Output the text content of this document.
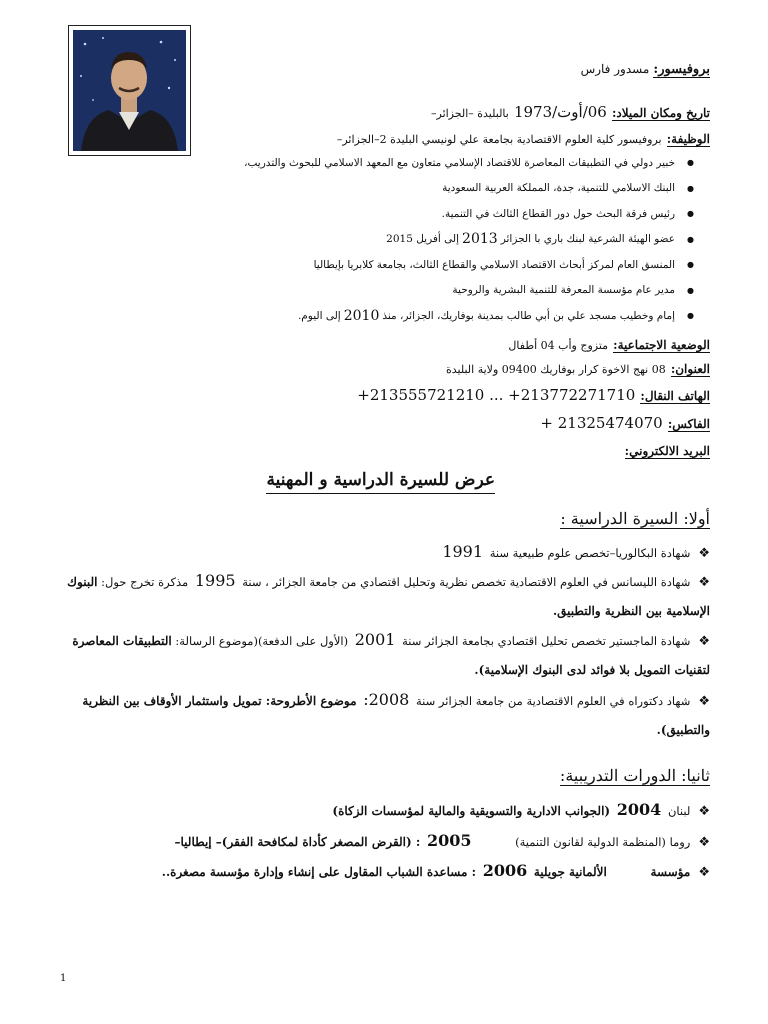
بروفيسور: مسدور فارس
تاريخ ومكان الميلاد: 06/أوت/1973 بالبليدة –الجزائر–
الوظيفة: بروفيسور كلية العلوم الاقتصادية بجامعة علي لونيسي البليدة 2–الجزائر–
● خبير دولي في التطبيقات المعاصرة للاقتصاد الإسلامي متعاون مع المعهد الاسلامي للبحوث والتدريب،
● البنك الاسلامي للتنمية، جدة، المملكة العربية السعودية
● رئيس فرقة البحث حول دور القطاع الثالث في التنمية.
● عضو الهيئة الشرعية لبنك باري با الجزائر
2013
إلى أفريل 2015
● المنسق العام لمركز أبحاث الاقتصاد الاسلامي والقطاع الثالث، بجامعة كلابريا بإيطاليا
● مدير عام مؤسسة المعرفة للتنمية البشرية والروحية
● إمام وخطيب مسجد علي بن أبي طالب بمدينة بوفاريك، الجزائر، منذ
2010
إلى اليوم.
الوضعية الاجتماعية: متزوج وأب 04 أطفال
العنوان: 08 نهج الاخوة كرار بوفاريك 09400 ولاية البليدة
الهاتف النقال: 213772271710+ ... 213555721210+
الفاكس: 21325474070 +
البريد الالكتروني:
عرض للسيرة الدراسية و المهنية
أولا: السيرة الدراسية :
❖شهادة البكالوريا–تخصص علوم طبيعية سنة 1991
❖شهادة الليسانس في العلوم الاقتصادية تخصص نظرية وتحليل اقتصادي من جامعة الجزائر ، سنة 1995 مذكرة تخرج حول: البنوك الإسلامية بين النظرية والتطبيق.
❖شهادة الماجستير تخصص تحليل اقتصادي بجامعة الجزائر سنة 2001 (الأول على الدفعة)(موضوع الرسالة: التطبيقات المعاصرة لتقنيات التمويل بلا فوائد لدى البنوك الإسلامية).
❖شهاد دكتوراه في العلوم الاقتصادية من جامعة الجزائر سنة 2008: موضوع الأطروحة: تمويل واستثمار الأوقاف بين النظرية والتطبيق).
ثانيا: الدورات التدريبية:
❖لبنان 2004 (الجوانب الادارية والتسويقية والمالية لمؤسسات الزكاة)
❖روما (المنظمة الدولية لقانون التنمية) 2005 : (القرض المصغر كأداة لمكافحة الفقر)– إيطاليا–
❖مؤسسة الألمانية جويلية 2006 : مساعدة الشباب المقاول على إنشاء وإدارة مؤسسة مصغرة..
1
